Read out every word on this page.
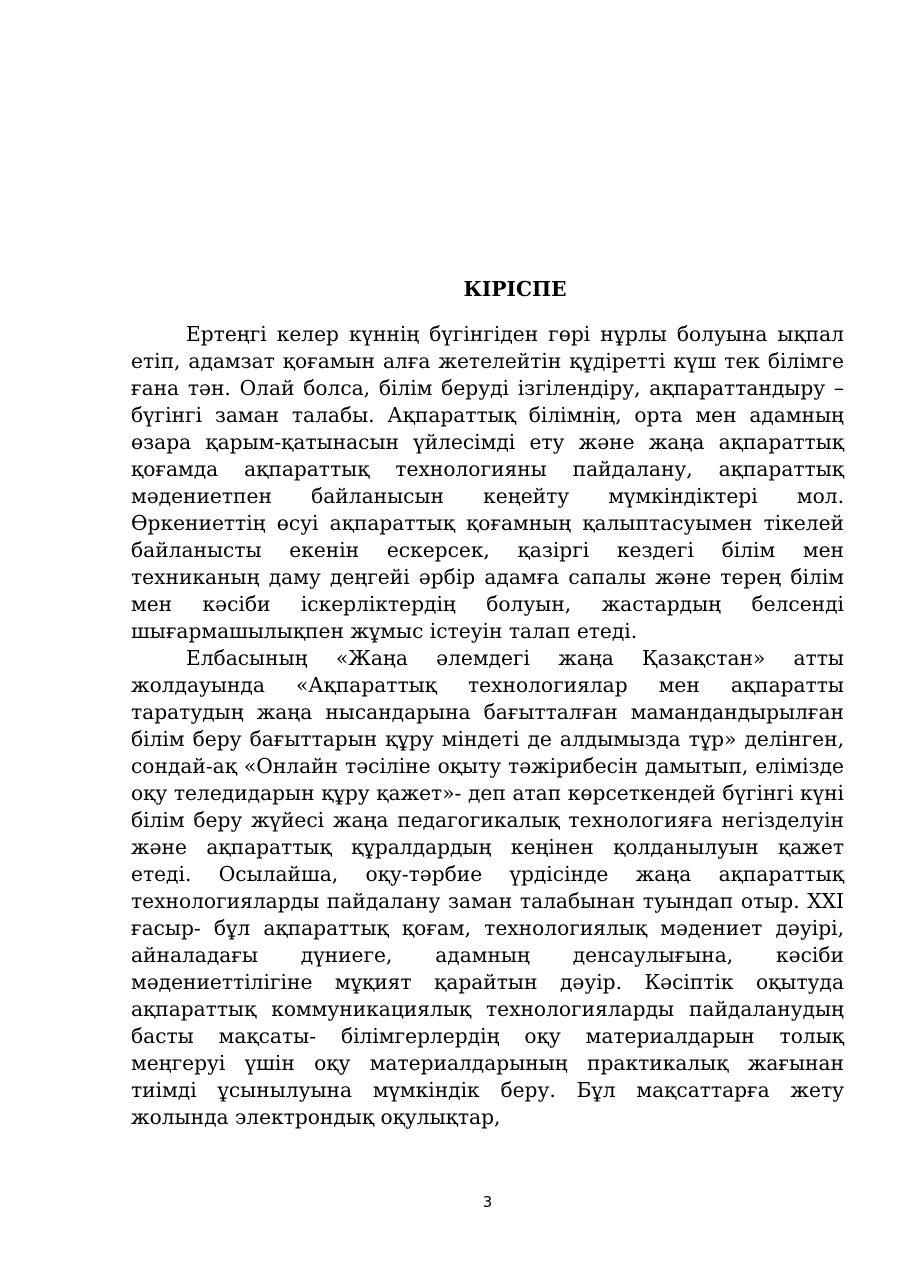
КІРІСПЕ

Ертеңгі келер күннің бүгінгіден гөрі нұрлы болуына ықпал етіп, адамзат қоғамын алға жетелейтін құдіретті күш тек білімге ғана тән. Олай болса, білім беруді ізгілендіру, ақпараттандыру – бүгінгі заман талабы. Ақпараттық білімнің, орта мен адамның өзара қарым-қатынасын үйлесімді ету және жаңа ақпараттық қоғамда ақпараттық технологияны пайдалану, ақпараттық мәдениетпен байланысын кеңейту мүмкіндіктері мол. Өркениеттің өсуі ақпараттық қоғамның қалыптасуымен тікелей байланысты екенін ескерсек, қазіргі кездегі білім мен техниканың даму деңгейі әрбір адамға сапалы және терең білім мен кәсіби іскерліктердің болуын, жастардың белсенді шығармашылықпен жұмыс істеуін талап етеді.

Елбасының «Жаңа әлемдегі жаңа Қазақстан» атты жолдауында «Ақпараттық технологиялар мен ақпаратты таратудың жаңа нысандарына бағытталған мамандандырылған білім беру бағыттарын құру міндеті де алдымызда тұр» делінген, сондай-ақ «Онлайн тәсіліне оқыту тәжірибесін дамытып, елімізде оқу теледидарын құру қажет»- деп атап көрсеткендей бүгінгі күні білім беру жүйесі жаңа педагогикалық технологияға негізделуін және ақпараттық құралдардың кеңінен қолданылуын қажет етеді. Осылайша, оқу-тәрбие үрдісінде жаңа ақпараттық технологияларды пайдалану заман талабынан туындап отыр. ХХІ ғасыр- бұл ақпараттық қоғам, технологиялық мәдениет дәуірі, айналадағы дүниеге, адамның денсаулығына, кәсіби мәдениеттілігіне мұқият қарайтын дәуір. Кәсіптік оқытуда ақпараттық коммуникациялық технологияларды пайдаланудың басты мақсаты- білімгерлердің оқу материалдарын толық меңгеруі үшін оқу материалдарының практикалық жағынан тиімді ұсынылуына мүмкіндік беру. Бұл мақсаттарға жету жолында электрондық оқулықтар,

3
